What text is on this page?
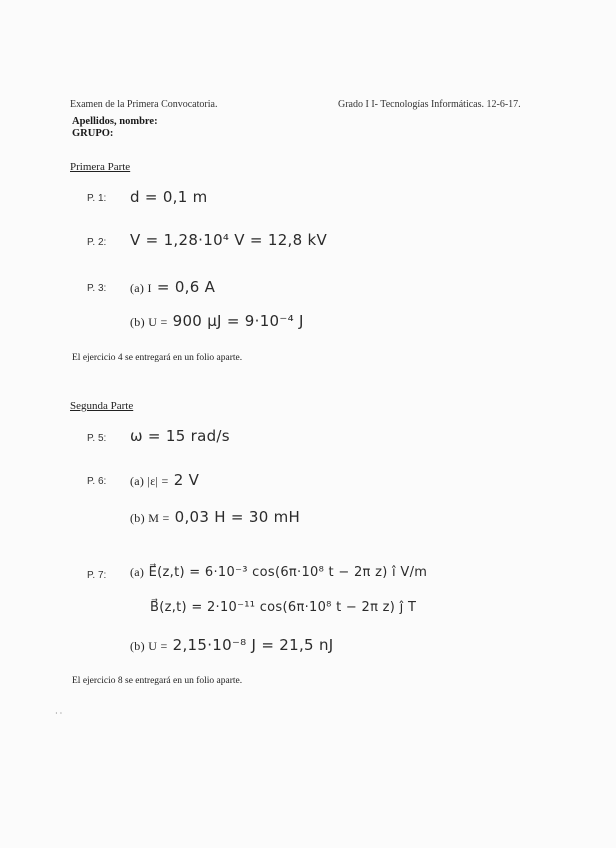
Examen de la Primera Convocatoria.	Grado I I- Tecnologías Informáticas. 12-6-17.
Apellidos, nombre:
GRUPO:
Primera Parte
P. 1: d = 0,1 m
P. 2: V = 1,28·10⁴ V = 12,8 kV
P. 3: (a) I = 0,6 A
(b) U = 900 μJ = 9·10⁻⁴ J
El ejercicio 4 se entregará en un folio aparte.
Segunda Parte
P. 5: ω = 15 rad/s
P. 6: (a) |ε| = 2 V
(b) M = 0,03 H = 30 mH
P. 7: (a) E⃗(z,t) = 6·10⁻³ cos(6π·10⁸ t − 2π z) î V/m
B⃗(z,t) = 2·10⁻¹¹ cos(6π·10⁸ t − 2π z) ĵ T
(b) U = 2,15·10⁻⁸ J = 21,5 nJ
El ejercicio 8 se entregará en un folio aparte.
· ·
